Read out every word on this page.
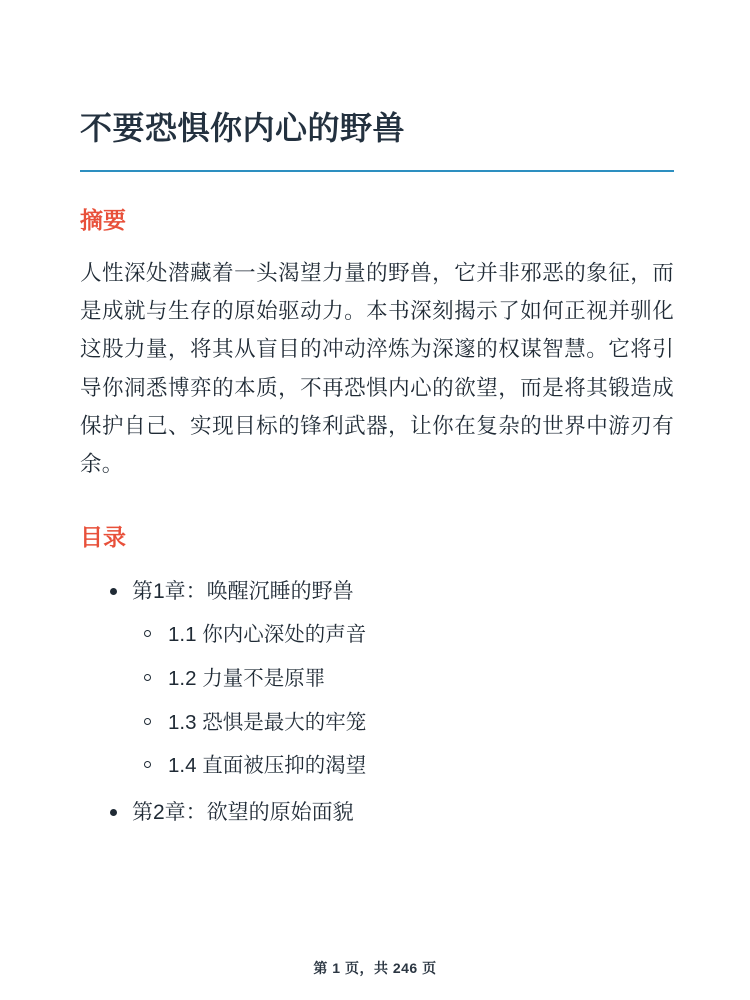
不要恐惧你内心的野兽
摘要

人性深处潜藏着一头渴望力量的野兽，它并非邪恶的象征，而是成就与生存的原始驱动力。本书深刻揭示了如何正视并驯化这股力量，将其从盲目的冲动淬炼为深邃的权谋智慧。它将引导你洞悉博弈的本质，不再恐惧内心的欲望，而是将其锻造成保护自己、实现目标的锋利武器，让你在复杂的世界中游刃有余。

目录
第1章：唤醒沉睡的野兽
1.1 你内心深处的声音
1.2 力量不是原罪
1.3 恐惧是最大的牢笼
1.4 直面被压抑的渴望
第2章：欲望的原始面貌
第 1 页，共 246 页
